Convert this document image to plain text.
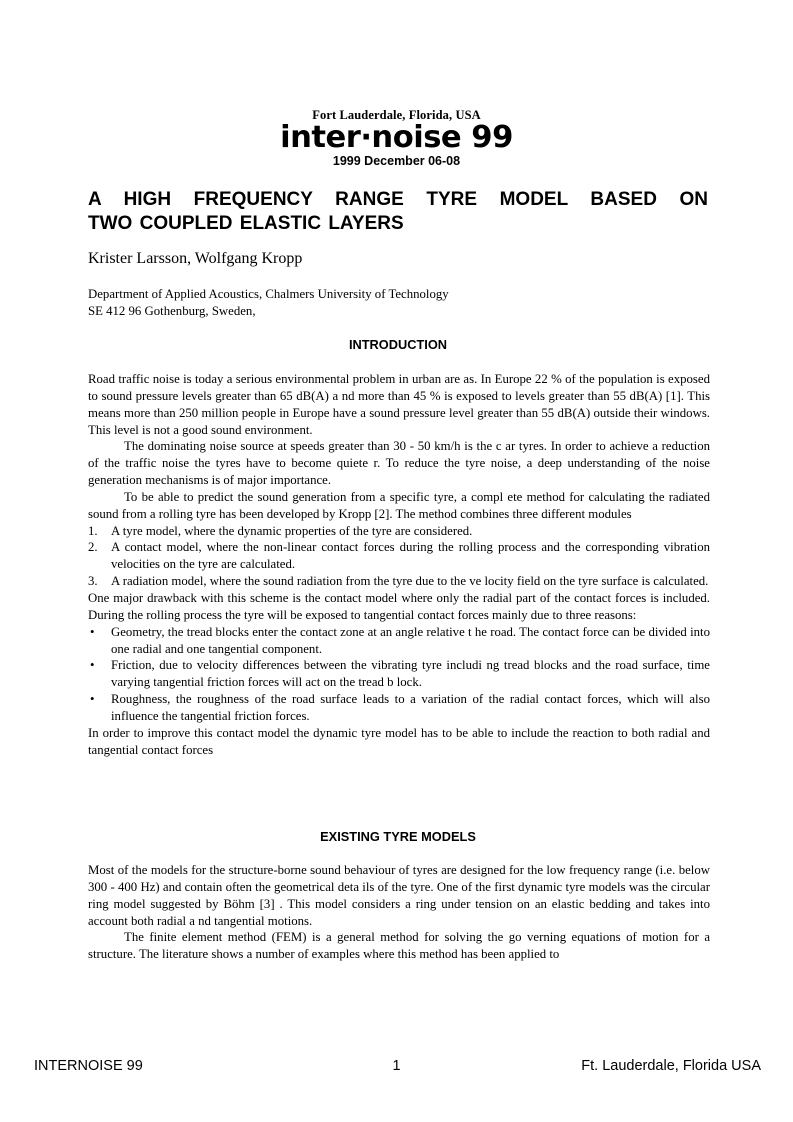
Fort Lauderdale, Florida, USA
inter·noise 99
1999 December 06-08
A HIGH FREQUENCY RANGE TYRE MODEL BASED ON
TWO COUPLED ELASTIC LAYERS
Krister Larsson, Wolfgang Kropp
Department of Applied Acoustics, Chalmers University of Technology
SE 412 96 Gothenburg, Sweden,
INTRODUCTION

Road traffic noise is today a serious environmental problem in urban are as. In Europe 22 % of the population is exposed to sound pressure levels greater than 65 dB(A) a nd more than 45 % is exposed to levels greater than 55 dB(A) [1]. This means more than 250 million people in Europe have a sound pressure level greater than 55 dB(A) outside their windows. This level is not a good sound environment.

The dominating noise source at speeds greater than 30 - 50 km/h is the c ar tyres. In order to achieve a reduction of the traffic noise the tyres have to become quiete r. To reduce the tyre noise, a deep understanding of the noise generation mechanisms is of major importance.

To be able to predict the sound generation from a specific tyre, a compl ete method for calculating the radiated sound from a rolling tyre has been developed by Kropp [2]. The method combines three different modules

1. A tyre model, where the dynamic properties of the tyre are considered.
2. A contact model, where the non-linear contact forces during the rolling process and the corresponding vibration velocities on the tyre are calculated.
3. A radiation model, where the sound radiation from the tyre due to the ve locity field on the tyre surface is calculated.

One major drawback with this scheme is the contact model where only the radial part of the contact forces is included. During the rolling process the tyre will be exposed to tangential contact forces mainly due to three reasons:

• Geometry, the tread blocks enter the contact zone at an angle relative t he road. The contact force can be divided into one radial and one tangential component.
• Friction, due to velocity differences between the vibrating tyre includi ng tread blocks and the road surface, time varying tangential friction forces will act on the tread b lock.
• Roughness, the roughness of the road surface leads to a variation of the radial contact forces, which will also influence the tangential friction forces.

In order to improve this contact model the dynamic tyre model has to be able to include the reaction to both radial and tangential contact forces

EXISTING TYRE MODELS

Most of the models for the structure-borne sound behaviour of tyres are designed for the low frequency range (i.e. below 300 - 400 Hz) and contain often the geometrical deta ils of the tyre. One of the first dynamic tyre models was the circular ring model suggested by Böhm [3] . This model considers a ring under tension on an elastic bedding and takes into account both radial a nd tangential motions.

The finite element method (FEM) is a general method for solving the go verning equations of motion for a structure. The literature shows a number of examples where this method has been applied to

INTERNOISE 99	1	Ft. Lauderdale, Florida USA
